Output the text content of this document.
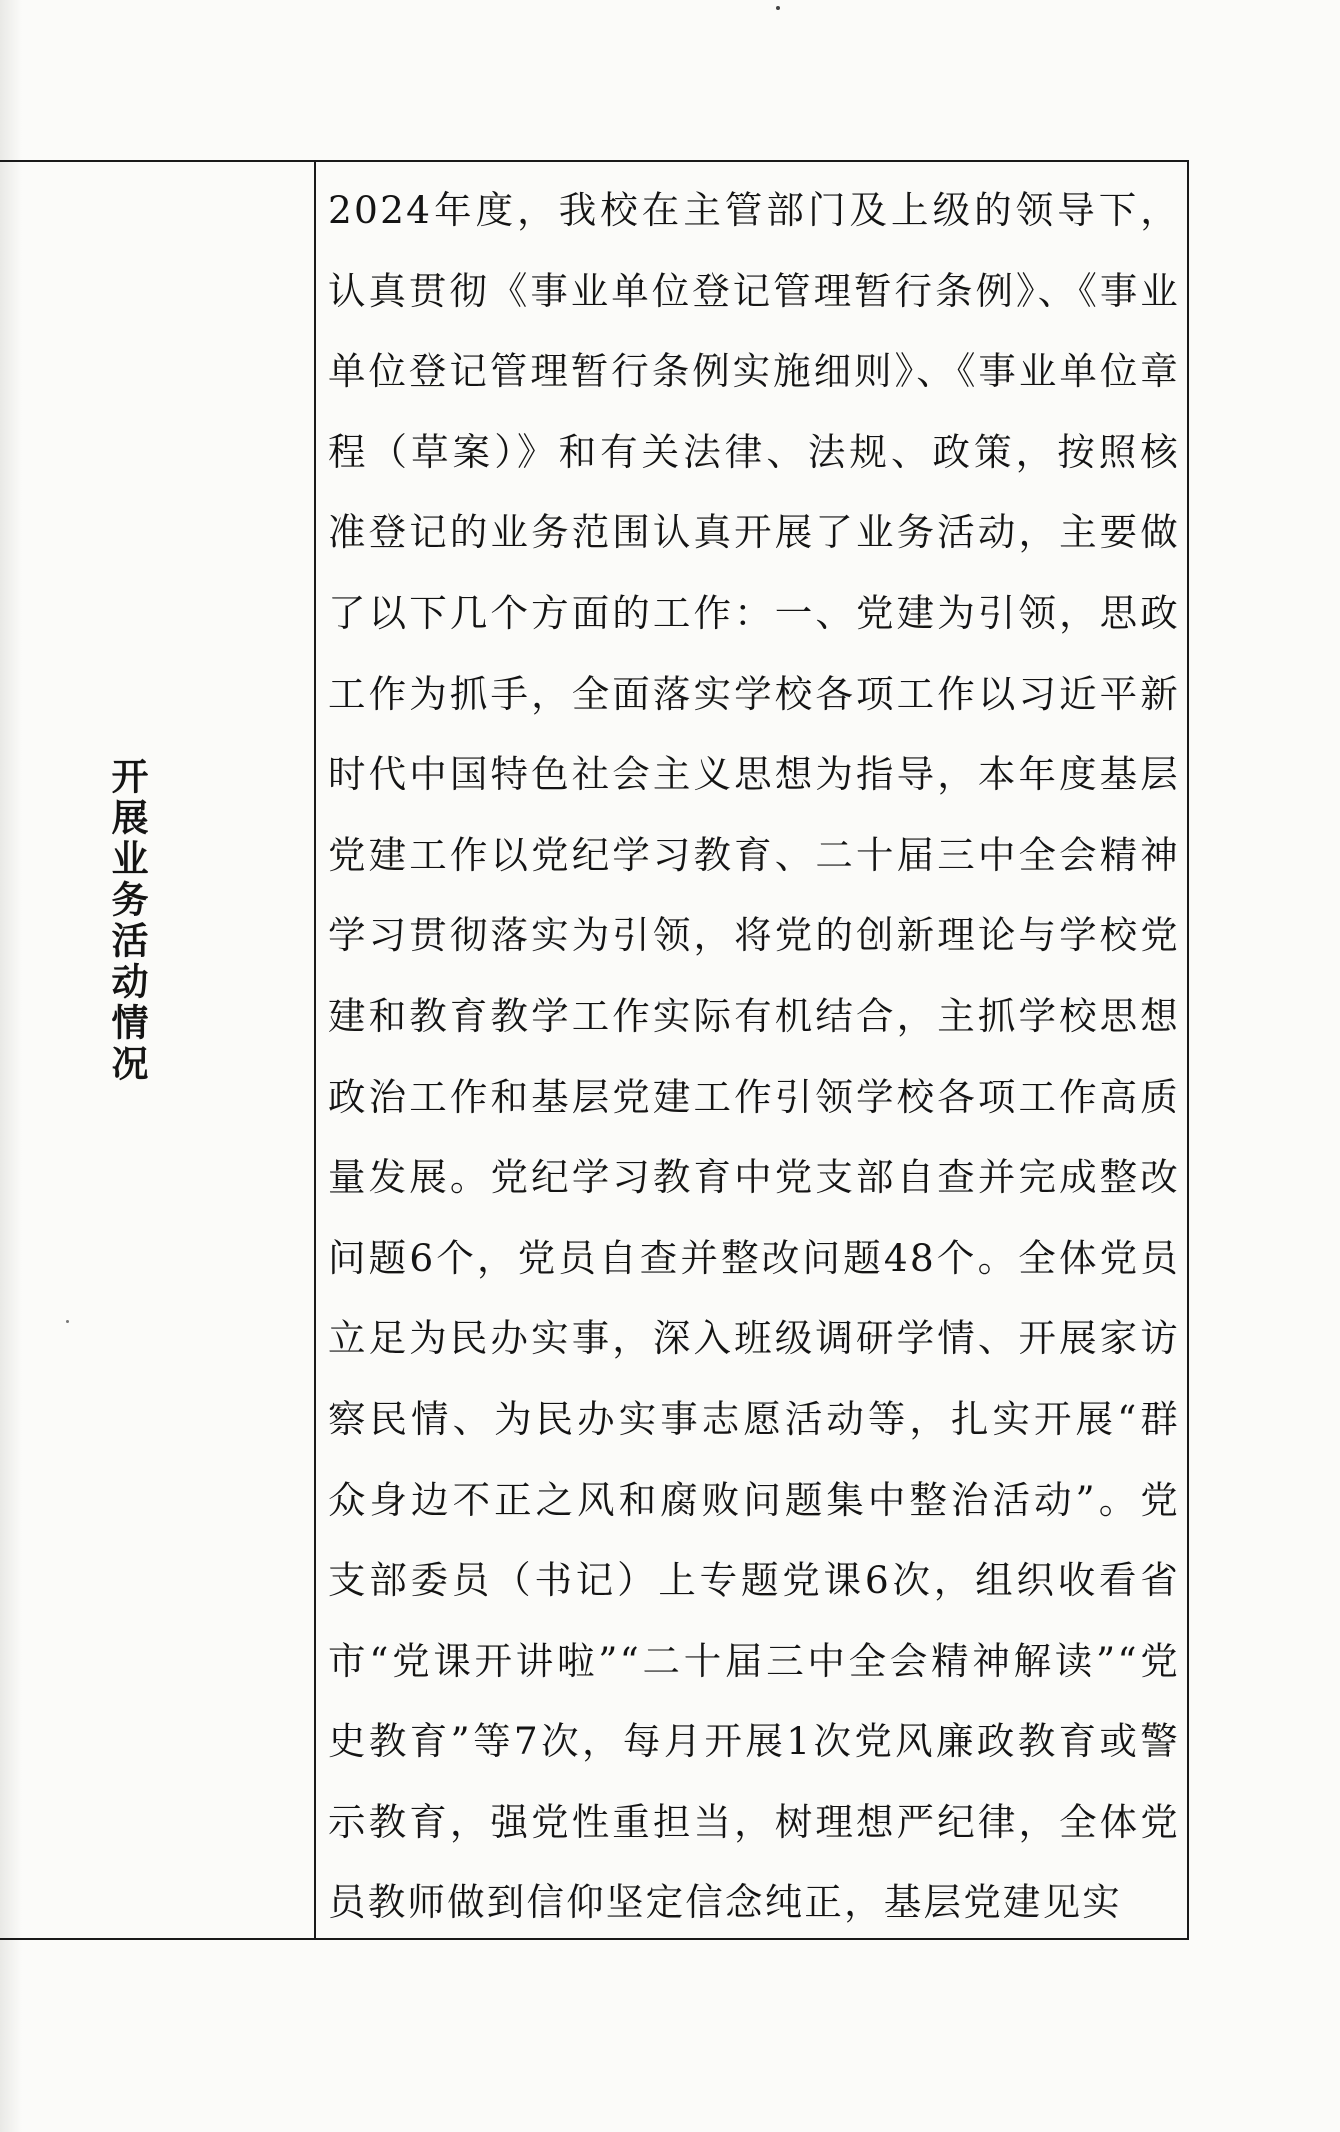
开展业务活动情况

2024年度，我校在主管部门及上级的领导下，认真贯彻《事业单位登记管理暂行条例》、《事业单位登记管理暂行条例实施细则》、《事业单位章程（草案）》和有关法律、法规、政策，按照核准登记的业务范围认真开展了业务活动，主要做了以下几个方面的工作：一、党建为引领，思政工作为抓手，全面落实学校各项工作以习近平新时代中国特色社会主义思想为指导，本年度基层党建工作以党纪学习教育、二十届三中全会精神学习贯彻落实为引领，将党的创新理论与学校党建和教育教学工作实际有机结合，主抓学校思想政治工作和基层党建工作引领学校各项工作高质量发展。党纪学习教育中党支部自查并完成整改问题6个，党员自查并整改问题48个。全体党员立足为民办实事，深入班级调研学情、开展家访察民情、为民办实事志愿活动等，扎实开展“群众身边不正之风和腐败问题集中整治活动”。党支部委员（书记）上专题党课6次，组织收看省市“党课开讲啦”“二十届三中全会精神解读”“党史教育”等7次，每月开展1次党风廉政教育或警示教育，强党性重担当，树理想严纪律，全体党员教师做到信仰坚定信念纯正，基层党建见实
